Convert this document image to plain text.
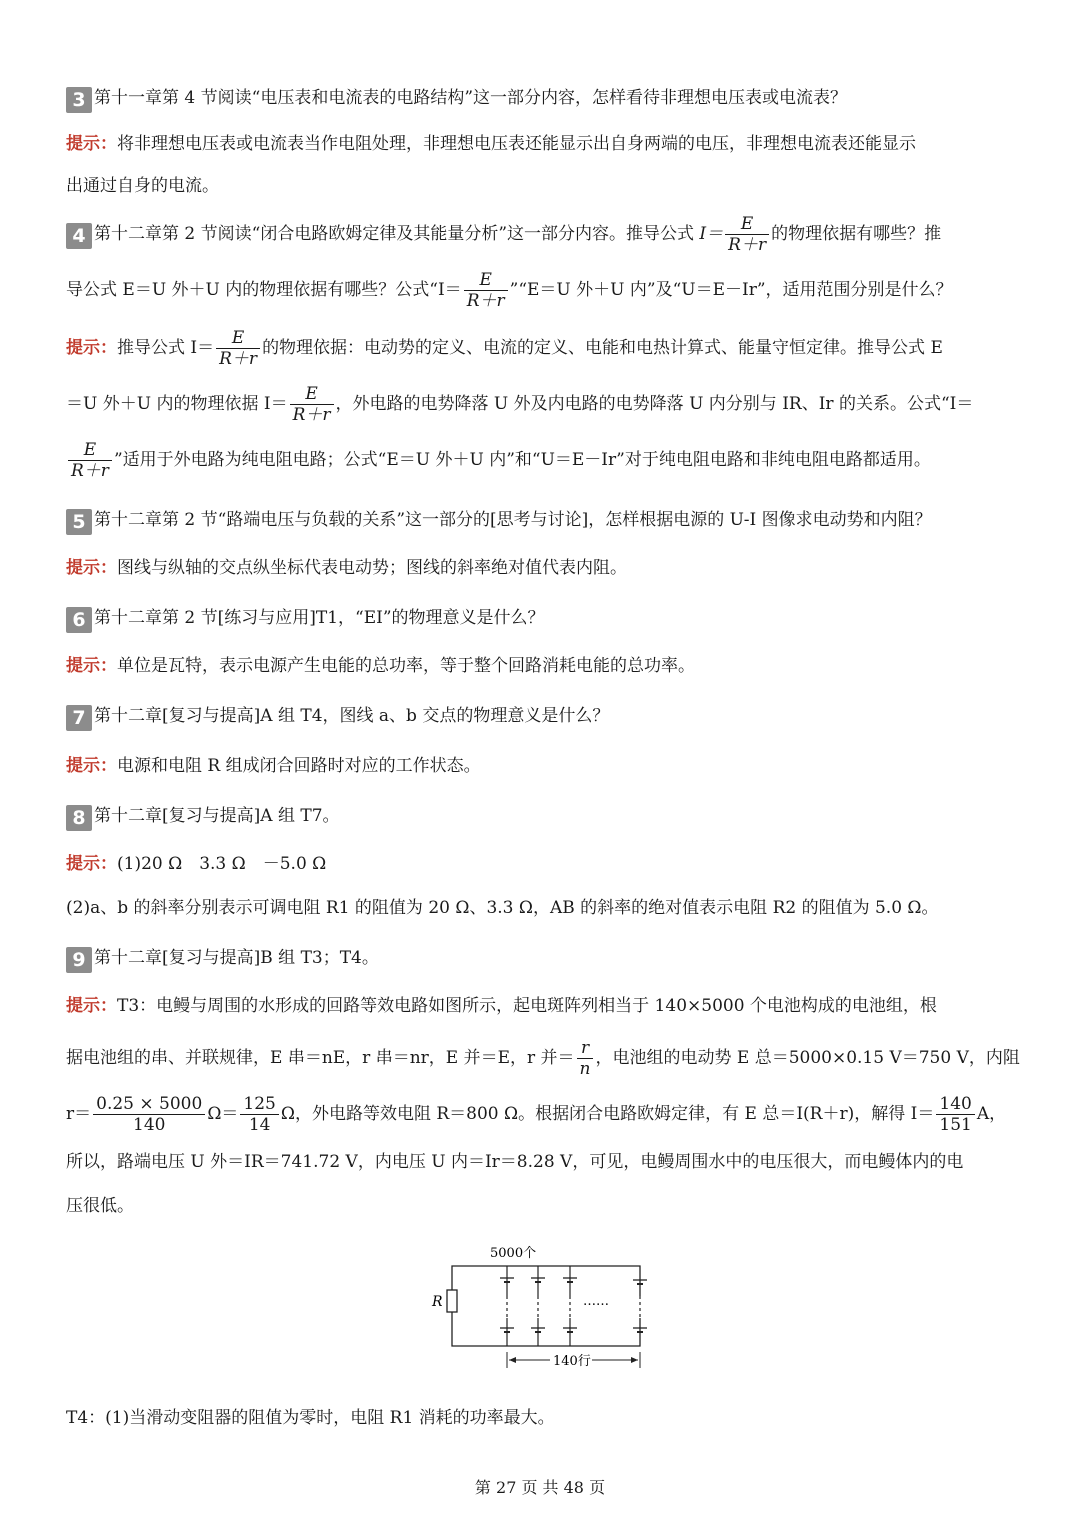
3 第十一章第 4 节阅读“电压表和电流表的电路结构”这一部分内容，怎样看待非理想电压表或电流表？
提示：将非理想电压表或电流表当作电阻处理，非理想电压表还能显示出自身两端的电压，非理想电流表还能显示
出通过自身的电流。
4 第十二章第 2 节阅读“闭合电路欧姆定律及其能量分析”这一部分内容。推导公式 $I= \frac{E}{R+r}$ 的物理依据有哪些？推
导公式 E＝U 外＋U 内的物理依据有哪些？公式“$I= \frac{E}{R+r}$ ”“E＝U 外＋U 内”及“U＝E－Ir”，适用范围分别是什么？
提示：推导公式 $I= \frac{E}{R+r}$ 的物理依据：电动势的定义、电流的定义、电能和电热计算式、能量守恒定律。推导公式 E
＝U 外＋U 内的物理依据 $I= \frac{E}{R+r}$ ，外电路的电势降落 U 外及内电路的电势降落 U 内分别与 IR、Ir 的关系。公式“I＝
$\frac{E}{R+r}$ ”适用于外电路为纯电阻电路；公式“E＝U 外＋U 内”和“U＝E－Ir”对于纯电阻电路和非纯电阻电路都适用。
5 第十二章第 2 节“路端电压与负载的关系”这一部分的[思考与讨论]，怎样根据电源的 U-I 图像求电动势和内阻？
提示：图线与纵轴的交点纵坐标代表电动势；图线的斜率绝对值代表内阻。
6 第十二章第 2 节[练习与应用]T1，“EI”的物理意义是什么？
提示：单位是瓦特，表示电源产生电能的总功率，等于整个回路消耗电能的总功率。
7 第十二章[复习与提高]A 组 T4，图线 a、b 交点的物理意义是什么？
提示：电源和电阻 R 组成闭合回路时对应的工作状态。
8 第十二章[复习与提高]A 组 T7。
提示：(1)20 Ω　3.3 Ω　－5.0 Ω
(2)a、b 的斜率分别表示可调电阻 R1 的阻值为 20 Ω、3.3 Ω，AB 的斜率的绝对值表示电阻 R2 的阻值为 5.0 Ω。
9 第十二章[复习与提高]B 组 T3；T4。
提示：T3：电鳗与周围的水形成的回路等效电路如图所示，起电斑阵列相当于 140×5000 个电池构成的电池组，根
据电池组的串、并联规律，E 串＝nE，r 串＝nr，E 并＝E，r 并＝ $\frac{r}{n}$ ，电池组的电动势 E 总＝5000×0.15 V＝750 V，内阻
$r= \frac{0.25 \times 5000}{140} \Omega= \frac{125}{14}$ Ω，外电路等效电阻 R＝800 Ω。根据闭合电路欧姆定律，有 E 总＝I(R＋r)，解得 $I= \frac{140}{151}$ A，
所以，路端电压 U 外＝IR＝741.72 V，内电压 U 内＝Ir＝8.28 V，可见，电鳗周围水中的电压很大，而电鳗体内的电
压很低。
R
5000个
……
140行
T4：(1)当滑动变阻器的阻值为零时，电阻 R1 消耗的功率最大。
第 27 页 共 48 页
